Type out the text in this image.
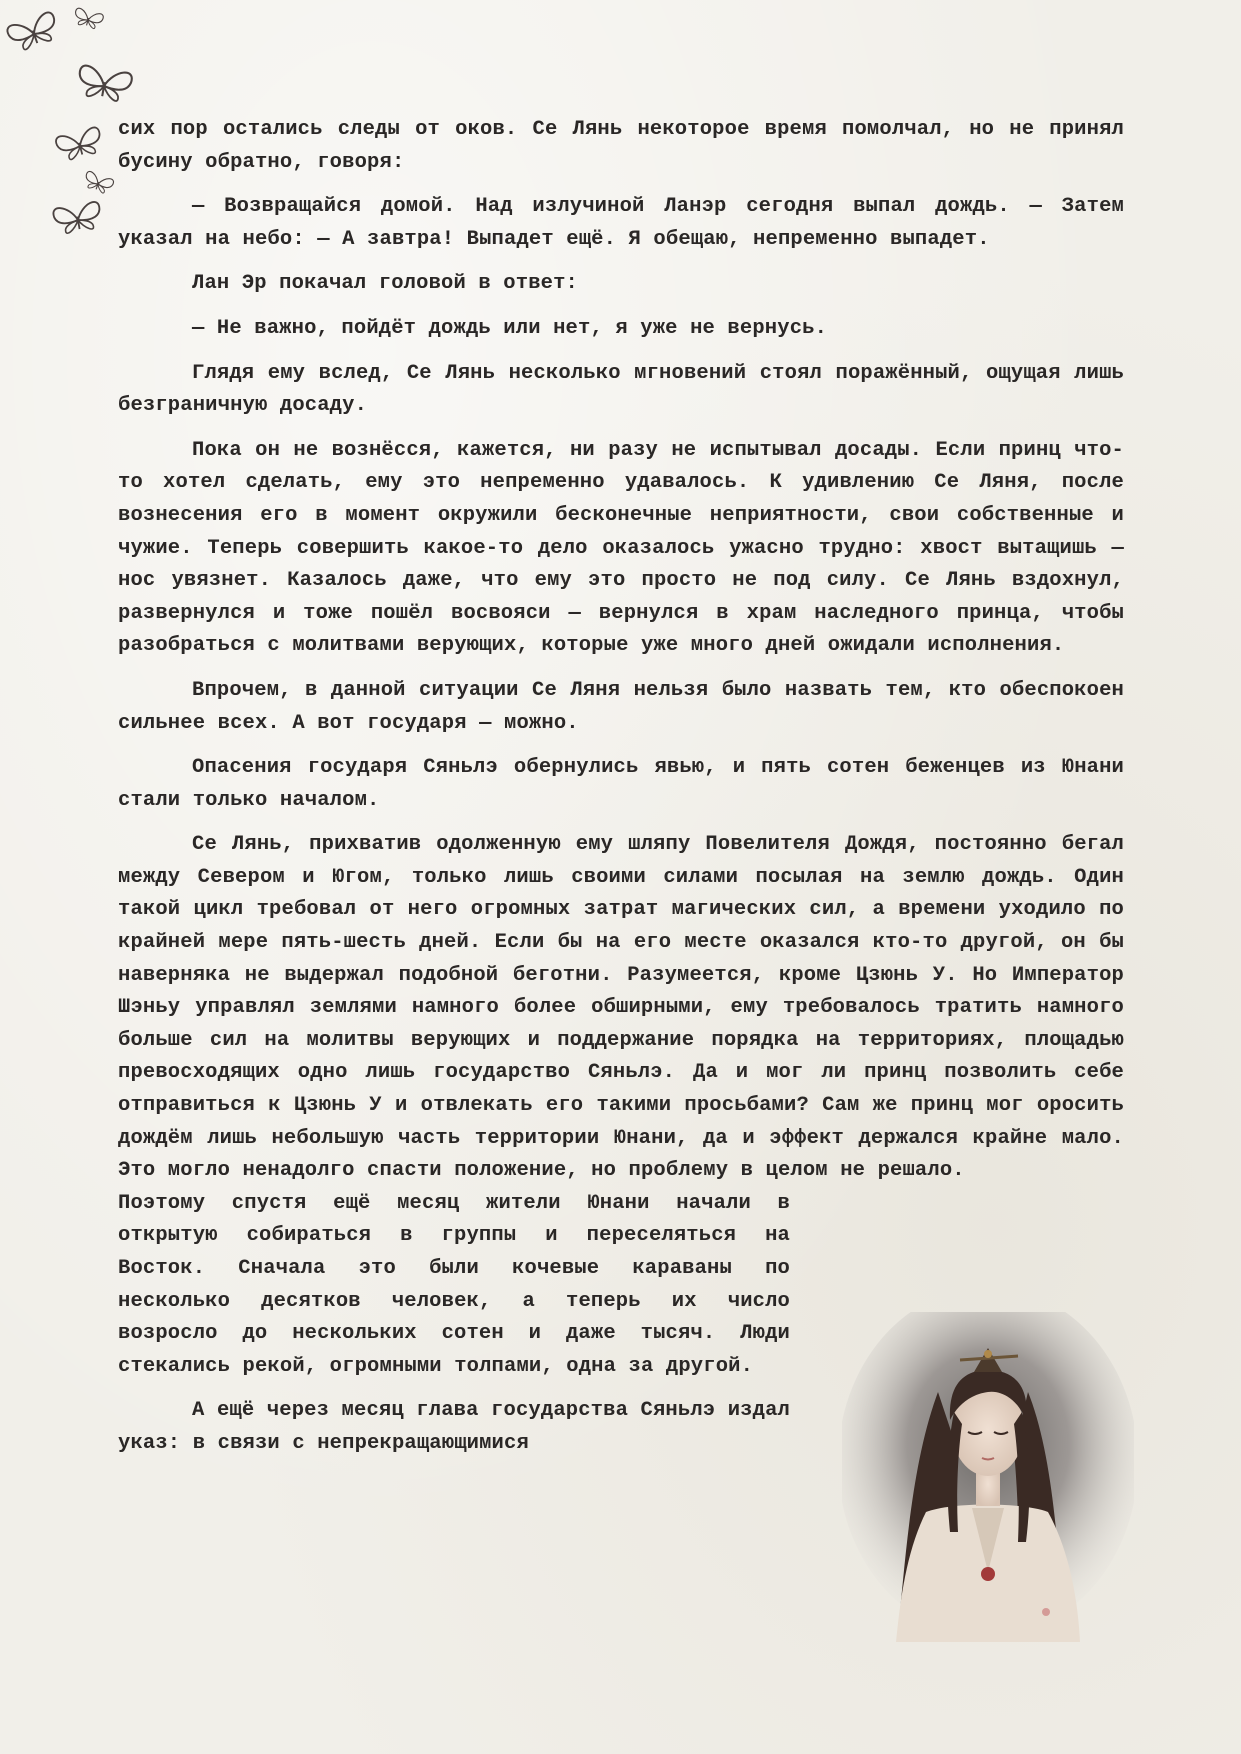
сих пор остались следы от оков. Се Лянь некоторое время помолчал, но не принял бусину обратно, говоря:

— Возвращайся домой. Над излучиной Ланэр сегодня выпал дождь. — Затем указал на небо: — А завтра! Выпадет ещё. Я обещаю, непременно выпадет.

Лан Эр покачал головой в ответ:

— Не важно, пойдёт дождь или нет, я уже не вернусь.

Глядя ему вслед, Се Лянь несколько мгновений стоял поражённый, ощущая лишь безграничную досаду.

Пока он не вознёсся, кажется, ни разу не испытывал досады. Если принц что-то хотел сделать, ему это непременно удавалось. К удивлению Се Ляня, после вознесения его в момент окружили бесконечные неприятности, свои собственные и чужие. Теперь совершить какое-то дело оказалось ужасно трудно: хвост вытащишь — нос увязнет. Казалось даже, что ему это просто не под силу. Се Лянь вздохнул, развернулся и тоже пошёл восвояси — вернулся в храм наследного принца, чтобы разобраться с молитвами верующих, которые уже много дней ожидали исполнения.

Впрочем, в данной ситуации Се Ляня нельзя было назвать тем, кто обеспокоен сильнее всех. А вот государя — можно.

Опасения государя Сяньлэ обернулись явью, и пять сотен беженцев из Юнани стали только началом.

Се Лянь, прихватив одолженную ему шляпу Повелителя Дождя, постоянно бегал между Севером и Югом, только лишь своими силами посылая на землю дождь. Один такой цикл требовал от него огромных затрат магических сил, а времени уходило по крайней мере пять-шесть дней. Если бы на его месте оказался кто-то другой, он бы наверняка не выдержал подобной беготни. Разумеется, кроме Цзюнь У. Но Император Шэньу управлял землями намного более обширными, ему требовалось тратить намного больше сил на молитвы верующих и поддержание порядка на территориях, площадью превосходящих одно лишь государство Сяньлэ. Да и мог ли принц позволить себе отправиться к Цзюнь У и отвлекать его такими просьбами? Сам же принц мог оросить дождём лишь небольшую часть территории Юнани, да и эффект держался крайне мало. Это могло ненадолго спасти положение, но проблему в целом не решало.

Поэтому спустя ещё месяц жители Юнани начали в открытую собираться в группы и переселяться на Восток. Сначала это были кочевые караваны по несколько десятков человек, а теперь их число возросло до нескольких сотен и даже тысяч. Люди стекались рекой, огромными толпами, одна за другой.

А ещё через месяц глава государства Сяньлэ издал указ: в связи с непрекращающимися
